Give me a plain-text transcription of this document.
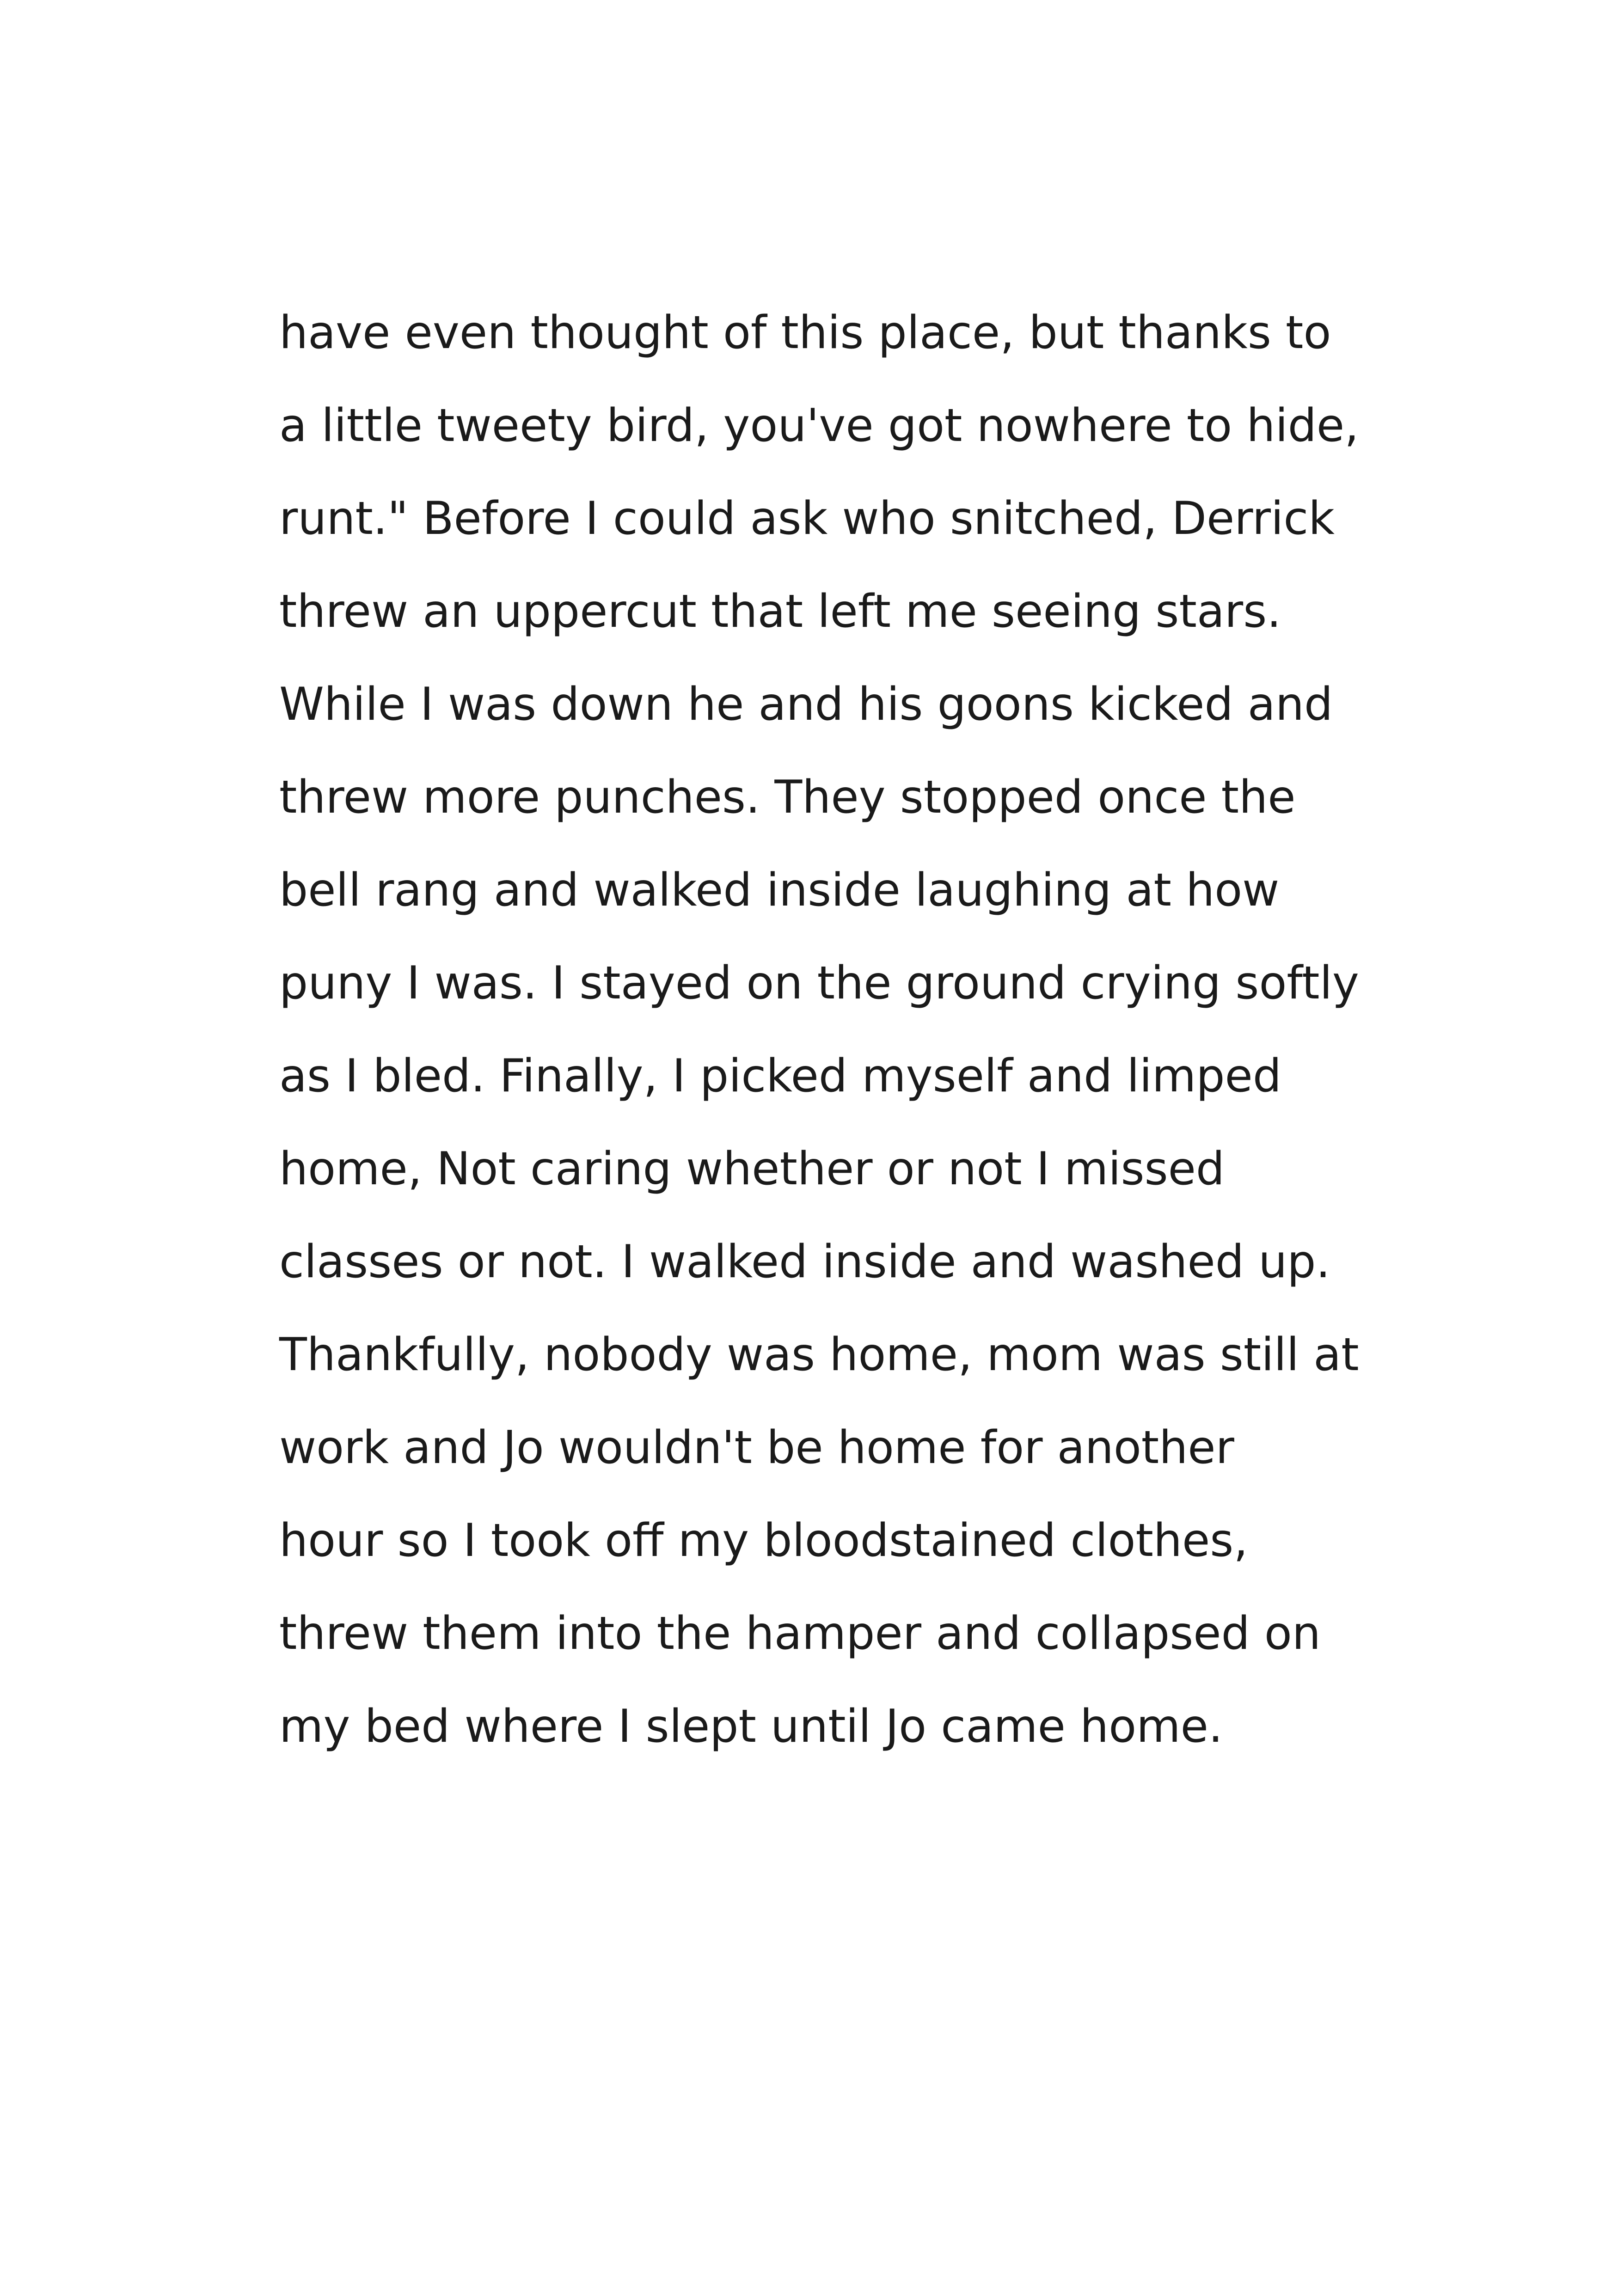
have even thought of this place, but thanks to
a little tweety bird, you've got nowhere to hide,
runt." Before I could ask who snitched, Derrick
threw an uppercut that left me seeing stars.
While I was down he and his goons kicked and
threw more punches. They stopped once the
bell rang and walked inside laughing at how
puny I was. I stayed on the ground crying softly
as I bled. Finally, I picked myself and limped
home, Not caring whether or not I missed
classes or not. I walked inside and washed up.
Thankfully, nobody was home, mom was still at
work and Jo wouldn't be home for another
hour so I took off my bloodstained clothes,
threw them into the hamper and collapsed on
my bed where I slept until Jo came home.
